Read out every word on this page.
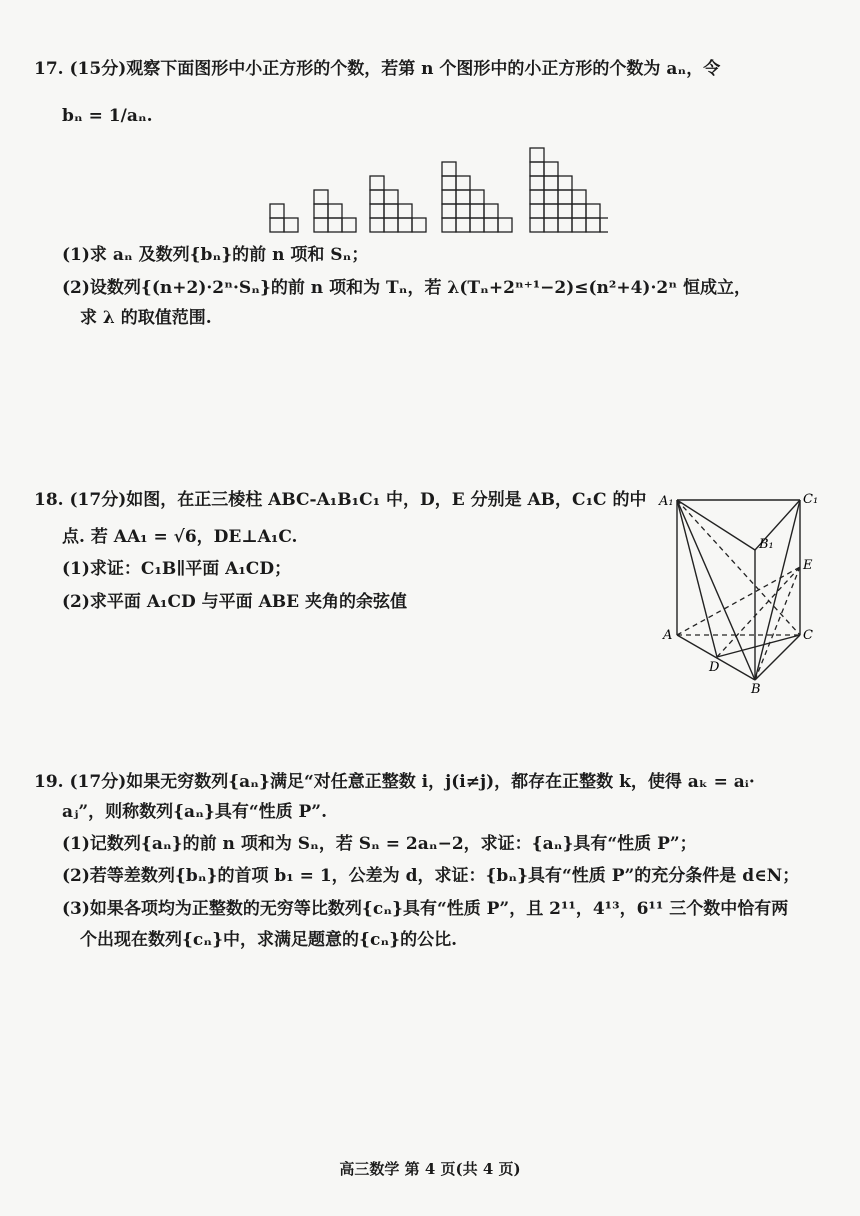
17. (15分)观察下面图形中小正方形的个数，若第 n 个图形中的小正方形的个数为 aₙ，令
bₙ = 1/aₙ.
(1)求 aₙ 及数列{bₙ}的前 n 项和 Sₙ；
(2)设数列{(n+2)·2ⁿ·Sₙ}的前 n 项和为 Tₙ，若 λ(Tₙ+2ⁿ⁺¹−2)≤(n²+4)·2ⁿ 恒成立，
求 λ 的取值范围.
18. (17分)如图，在正三棱柱 ABC-A₁B₁C₁ 中，D，E 分别是 AB，C₁C 的中
点. 若 AA₁ = √6，DE⊥A₁C.
(1)求证：C₁B∥平面 A₁CD；
(2)求平面 A₁CD 与平面 ABE 夹角的余弦值
A₁	C₁
B₁
E
A	C
D
B
19. (17分)如果无穷数列{aₙ}满足“对任意正整数 i，j(i≠j)，都存在正整数 k，使得 aₖ = aᵢ·
aⱼ”，则称数列{aₙ}具有“性质 P”.
(1)记数列{aₙ}的前 n 项和为 Sₙ，若 Sₙ = 2aₙ−2，求证：{aₙ}具有“性质 P”；
(2)若等差数列{bₙ}的首项 b₁ = 1，公差为 d，求证：{bₙ}具有“性质 P”的充分条件是 d∈N；
(3)如果各项均为正整数的无穷等比数列{cₙ}具有“性质 P”，且 2¹¹，4¹³，6¹¹ 三个数中恰有两
个出现在数列{cₙ}中，求满足题意的{cₙ}的公比.
高三数学 第 4 页(共 4 页)
